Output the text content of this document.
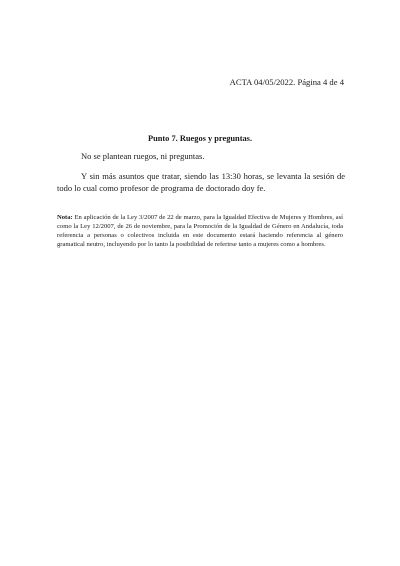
ACTA 04/05/2022. Página 4 de 4
Punto 7. Ruegos y preguntas.

No se plantean ruegos, ni preguntas.

Y sin más asuntos que tratar, siendo las 13:30 horas, se levanta la sesión de todo lo cual como profesor de programa de doctorado doy fe.

Nota: En aplicación de la Ley 3/2007 de 22 de marzo, para la Igualdad Efectiva de Mujeres y Hombres, así como la Ley 12/2007, de 26 de noviembre, para la Promoción de la Igualdad de Género en Andalucía, toda referencia a personas o colectivos incluida en este documento estará haciendo referencia al género gramatical neutro, incluyendo por lo tanto la posibilidad de referirse tanto a mujeres como a hombres.
